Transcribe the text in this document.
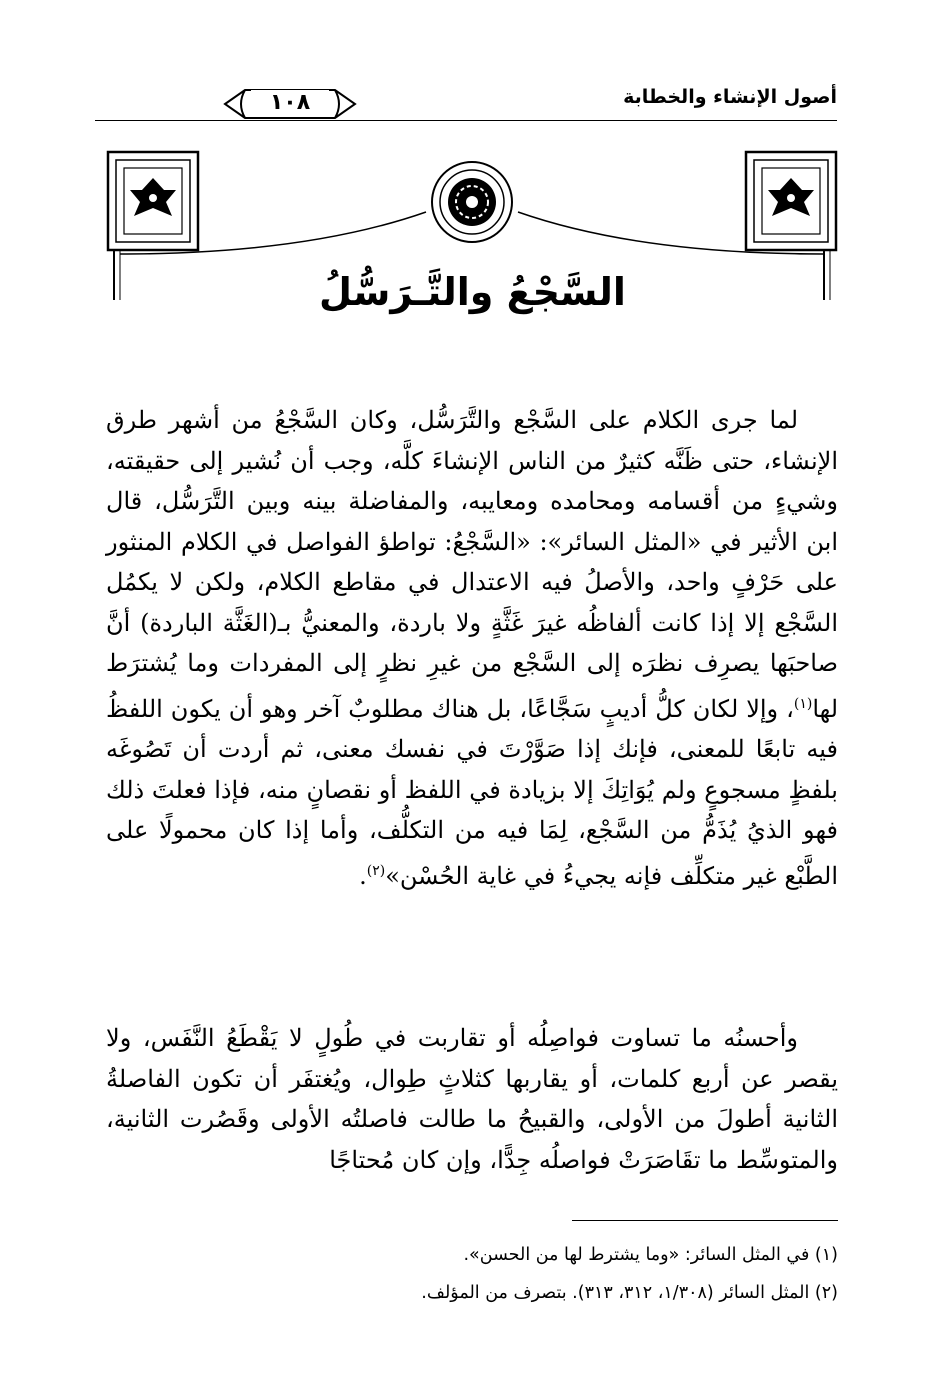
أصول الإنشاء والخطابة
١٠٨
السَّجْعُ والتَّـرَسُّلُ
لما جرى الكلام على السَّجْع والتَّرَسُّل، وكان السَّجْعُ من أشهر طرق الإنشاء، حتى ظَنَّه كثيرٌ من الناس الإنشاءَ كلَّه، وجب أن نُشير إلى حقيقته، وشيءٍ من أقسامه ومحامده ومعايبه، والمفاضلة بينه وبين التَّرَسُّل، قال ابن الأثير في «المثل السائر»: «السَّجْعُ: تواطؤ الفواصل في الكلام المنثور على حَرْفٍ واحد، والأصلُ فيه الاعتدال في مقاطع الكلام، ولكن لا يكمُل السَّجْع إلا إذا كانت ألفاظُه غيرَ غَثَّةٍ ولا باردة، والمعنيُّ بـ(الغَثَّة الباردة) أنَّ صاحبَها يصرِف نظرَه إلى السَّجْع من غيرِ نظرٍ إلى المفردات وما يُشترَط لها$^{(١)}$، وإلا لكان كلُّ أديبٍ سَجَّاعًا، بل هناك مطلوبٌ آخر وهو أن يكون اللفظُ فيه تابعًا للمعنى، فإنك إذا صَوَّرْتَ في نفسك معنى، ثم أردت أن تَصُوغَه بلفظٍ مسجوعٍ ولم يُوَاتِكَ إلا بزيادة في اللفظ أو نقصانٍ منه، فإذا فعلتَ ذلك فهو الذيُ يُذَمُّ من السَّجْع، لِمَا فيه من التكلُّف، وأما إذا كان محمولًا على الطَّبْع غير متكلِّف فإنه يجيءُ في غاية الحُسْن»$^{(٢)}$.
وأحسنُه ما تساوت فواصِلُه أو تقاربت في طُولٍ لا يَقْطَعُ النَّفَس، ولا يقصر عن أربع كلمات، أو يقاربها كثلاثٍ طِوال، ويُغتفَر أن تكون الفاصلةُ الثانية أطولَ من الأولى، والقبيحُ ما طالت فاصلتُه الأولى وقَصُرت الثانية، والمتوسِّط ما تقَاصَرَتْ فواصلُه جِدًّا، وإن كان مُحتاجًا
(١) في المثل السائر: «وما يشترط لها من الحسن».
(٢) المثل السائر (١/٣٠٨، ٣١٢، ٣١٣). بتصرف من المؤلف.
